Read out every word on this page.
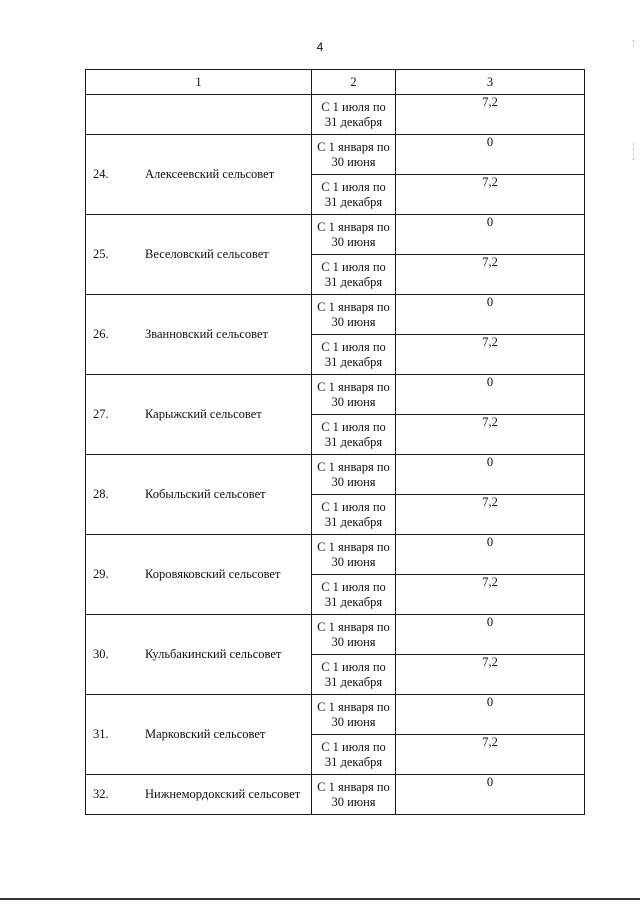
4
1	2	3

	С 1 июля по
31 декабря	7,2
24. Алексеевский сельсовет	С 1 января по
30 июня	0

	С 1 июля по
31 декабря	7,2
25. Веселовский сельсовет	С 1 января по
30 июня	0

	С 1 июля по
31 декабря	7,2
26. Званновский сельсовет	С 1 января по
30 июня	0

	С 1 июля по
31 декабря	7,2
27. Карыжский сельсовет	С 1 января по
30 июня	0

	С 1 июля по
31 декабря	7,2
28. Кобыльский сельсовет	С 1 января по
30 июня	0

	С 1 июля по
31 декабря	7,2
29. Коровяковский сельсовет	С 1 января по
30 июня	0

	С 1 июля по
31 декабря	7,2
30. Кульбакинский сельсовет	С 1 января по
30 июня	0

	С 1 июля по
31 декабря	7,2
31. Марковский сельсовет	С 1 января по
30 июня	0

	С 1 июля по
31 декабря	7,2
32. Нижнемордокский сельсовет	С 1 января по
30 июня	0
